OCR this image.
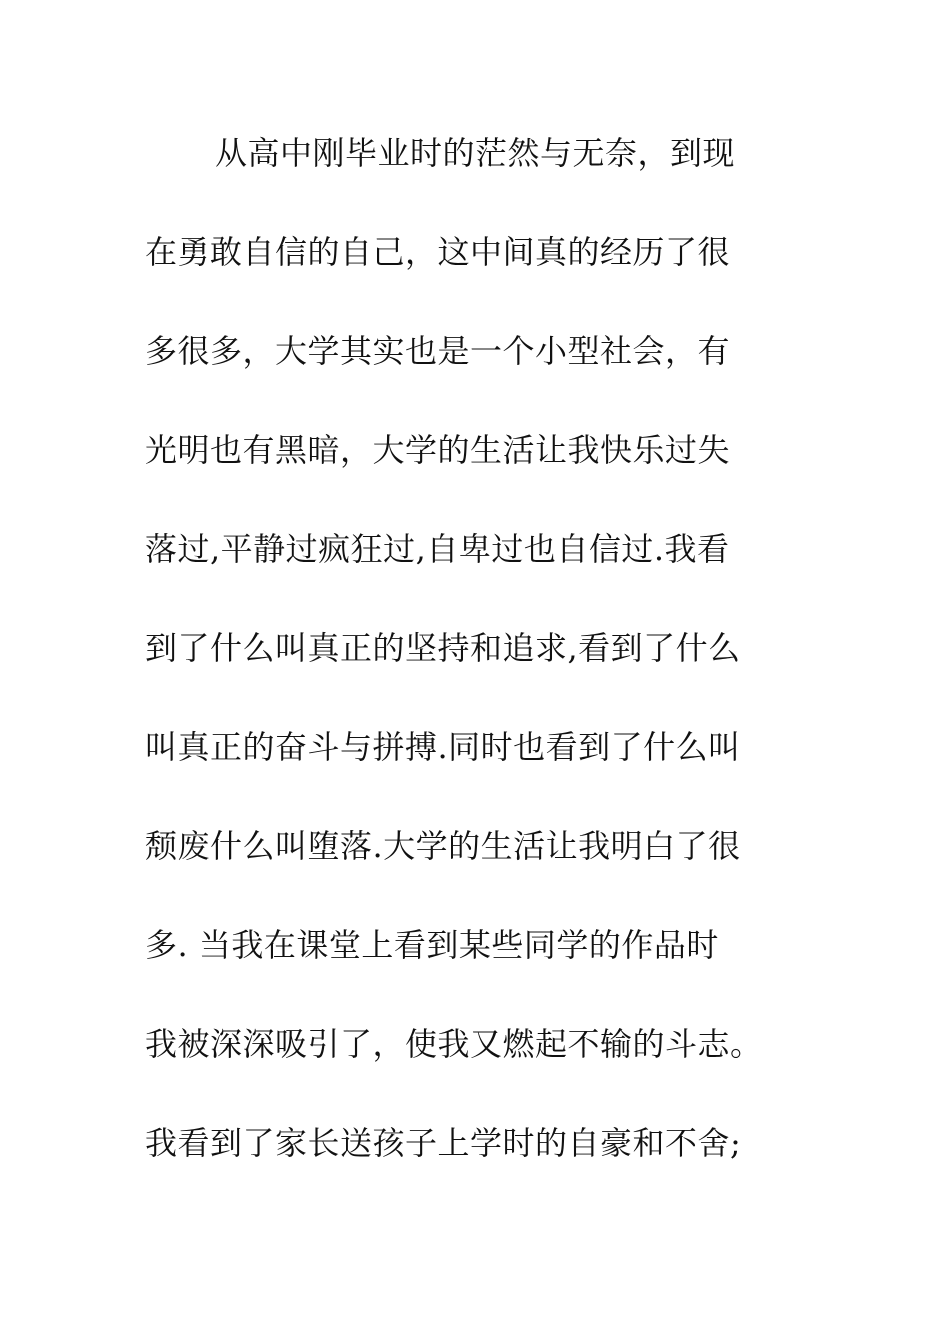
从高中刚毕业时的茫然与无奈，到现
在勇敢自信的自己，这中间真的经历了很
多很多，大学其实也是一个小型社会，有
光明也有黑暗，大学的生活让我快乐过失
落过,平静过疯狂过,自卑过也自信过.我看
到了什么叫真正的坚持和追求,看到了什么
叫真正的奋斗与拼搏.同时也看到了什么叫
颓废什么叫堕落.大学的生活让我明白了很
多. 当我在课堂上看到某些同学的作品时
我被深深吸引了，使我又燃起不输的斗志。
我看到了家长送孩子上学时的自豪和不舍;
